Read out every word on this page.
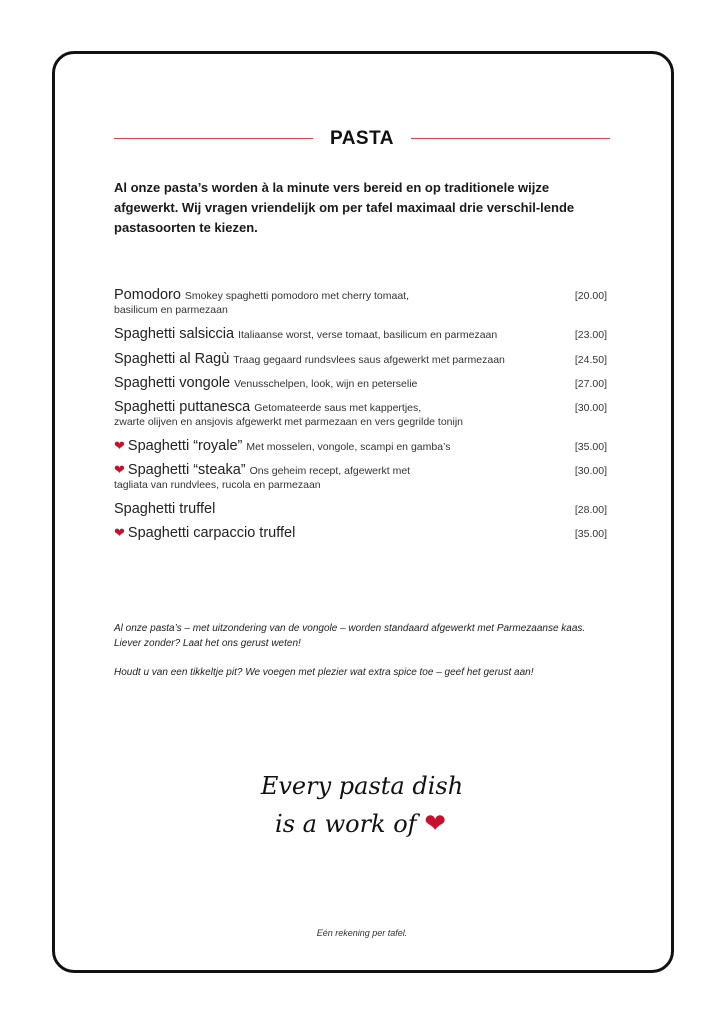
PASTA
Al onze pasta’s worden à la minute vers bereid en op traditionele wijze afgewerkt. Wij vragen vriendelijk om per tafel maximaal drie verschil-lende pastasoorten te kiezen.
Pomodoro Smokey spaghetti pomodoro met cherry tomaat,	[20.00]
basilicum en parmezaan
Spaghetti salsiccia Italiaanse worst, verse tomaat, basilicum en parmezaan	[23.00]
Spaghetti al Ragù Traag gegaard rundsvlees saus afgewerkt met parmezaan	[24.50]
Spaghetti vongole Venusschelpen, look, wijn en peterselie	[27.00]
Spaghetti puttanesca Getomateerde saus met kappertjes,	[30.00]
zwarte olijven en ansjovis afgewerkt met parmezaan en vers gegrilde tonijn
❤ Spaghetti “royale” Met mosselen, vongole, scampi en gamba’s	[35.00]
❤ Spaghetti “steaka” Ons geheim recept, afgewerkt met	[30.00]
tagliata van rundvlees, rucola en parmezaan
Spaghetti truffel	[28.00]
❤ Spaghetti carpaccio truffel	[35.00]
Al onze pasta’s – met uitzondering van de vongole – worden standaard afgewerkt met Parmezaanse kaas. Liever zonder? Laat het ons gerust weten!
Houdt u van een tikkeltje pit? We voegen met plezier wat extra spice toe – geef het gerust aan!
Every pasta dish
is a work of ❤
Eén rekening per tafel.
